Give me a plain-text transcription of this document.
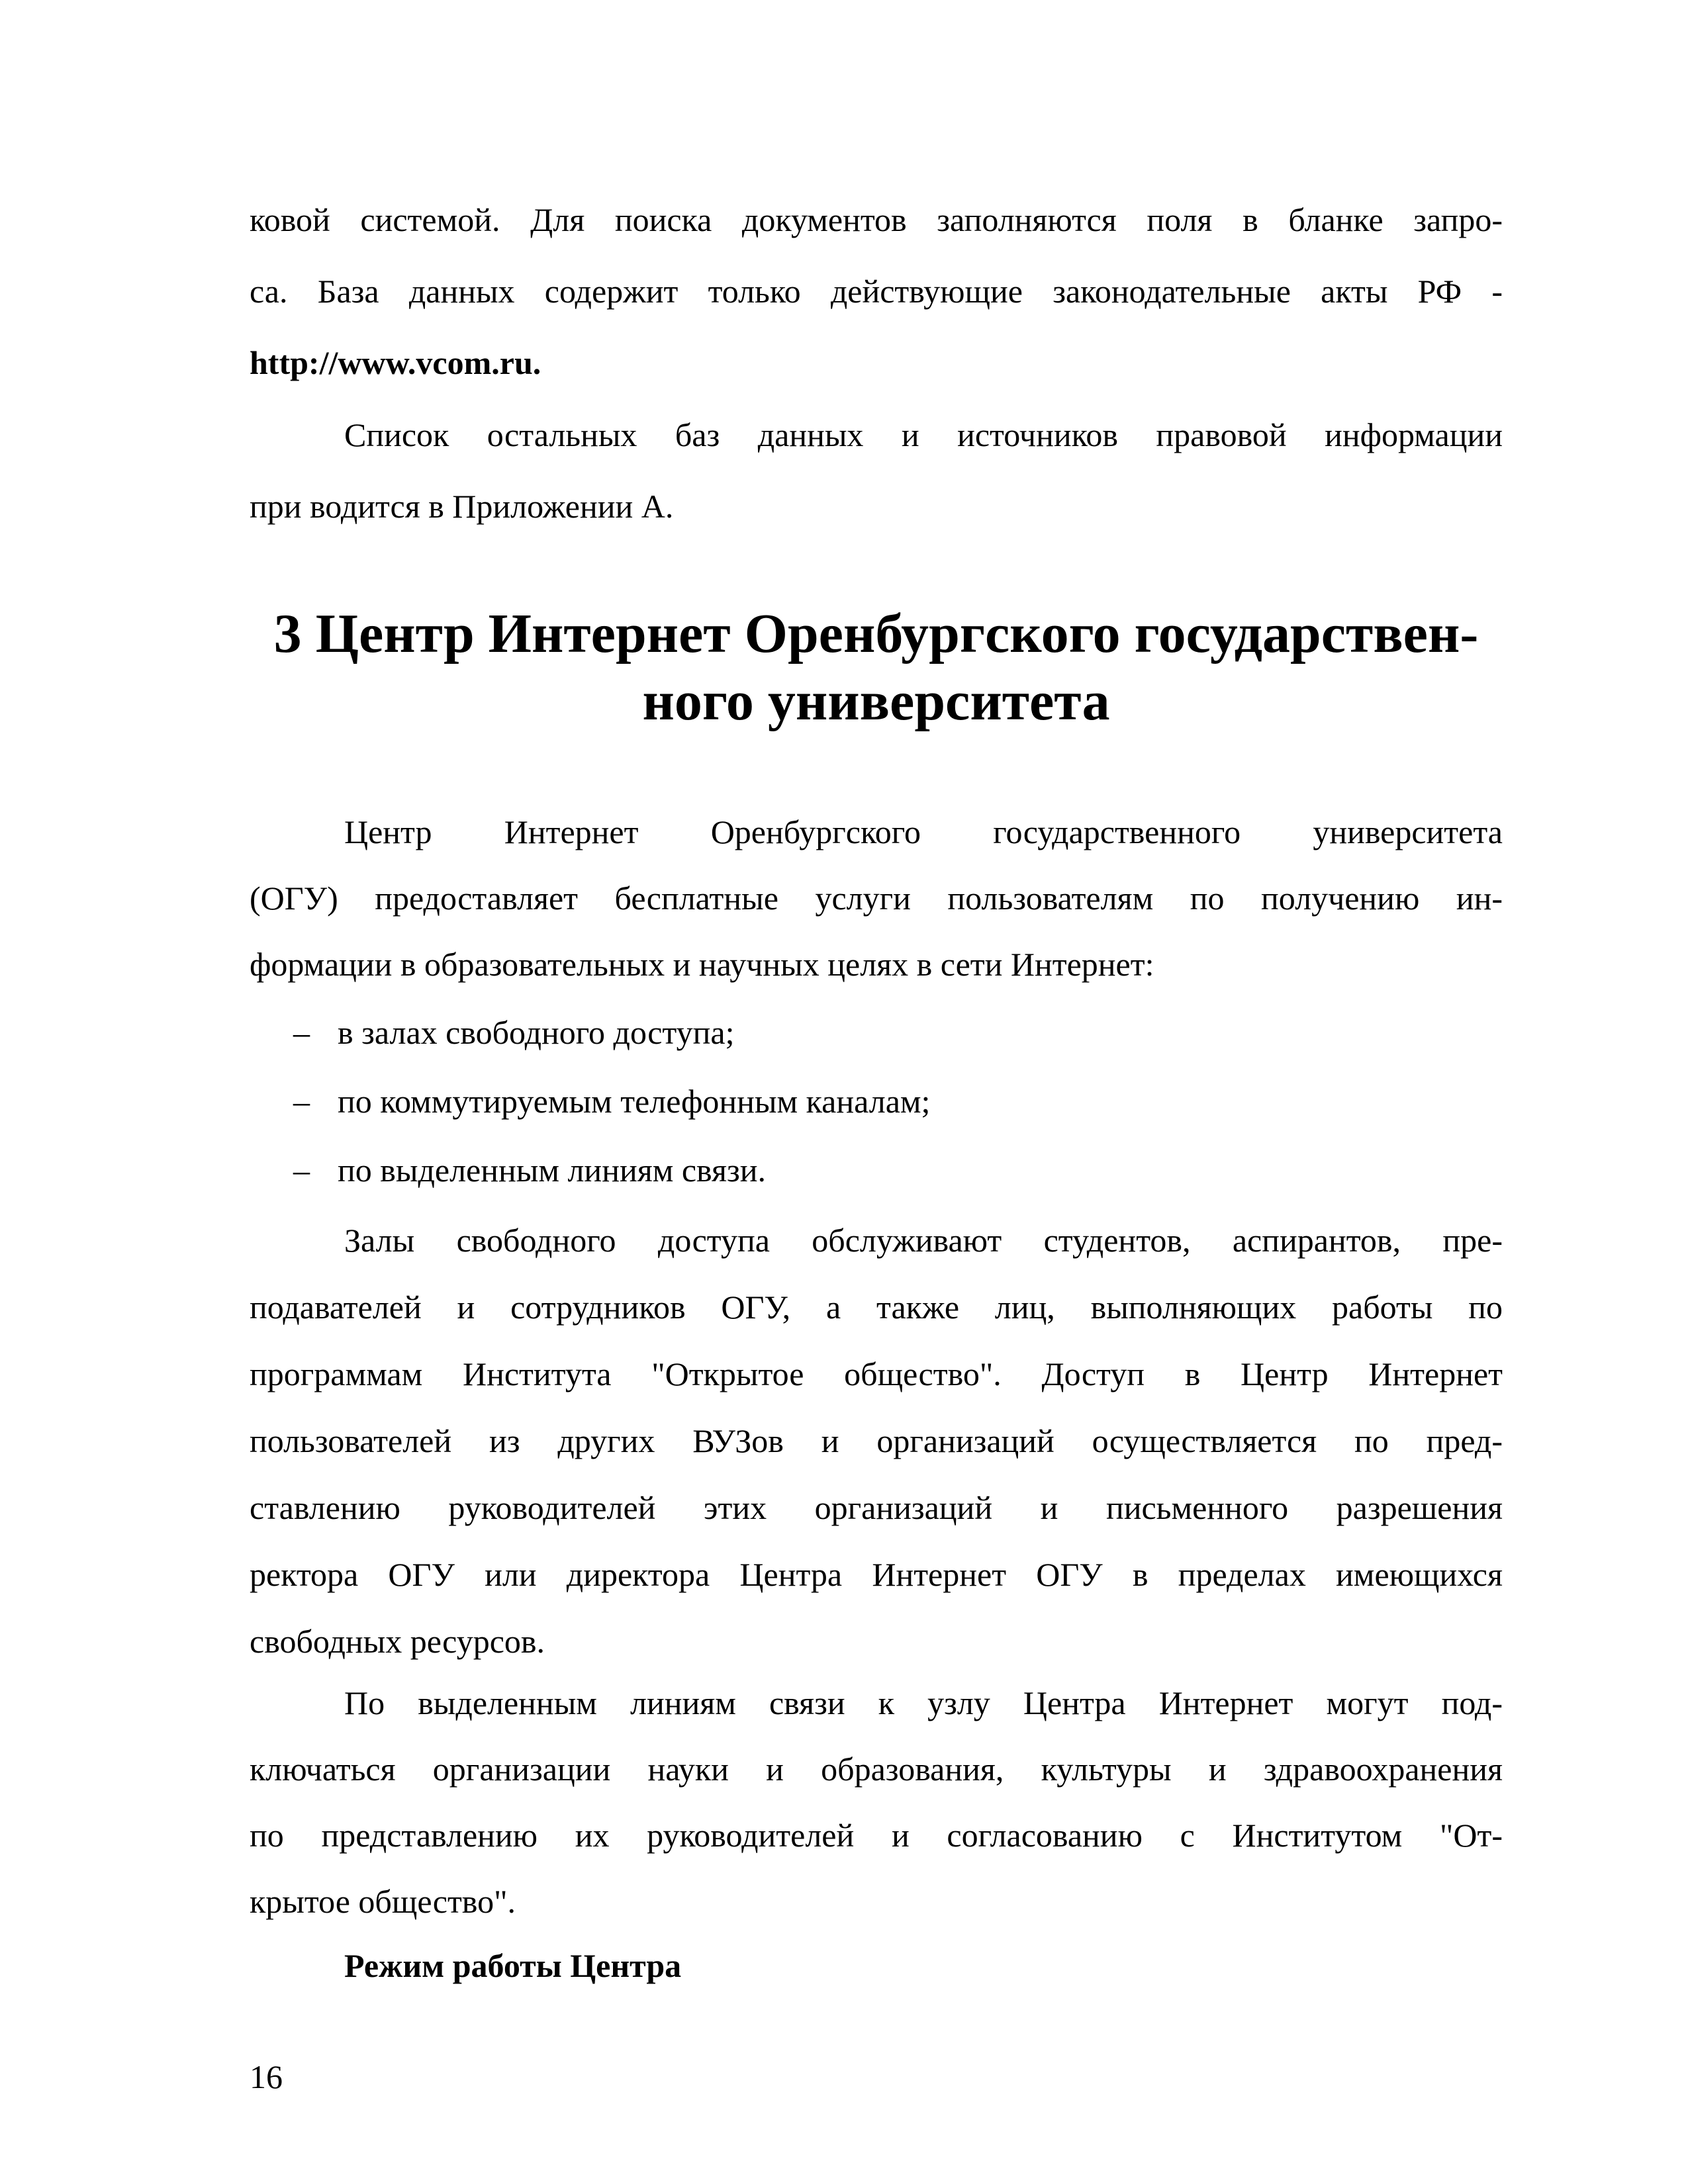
ковой системой. Для поиска документов заполняются поля в бланке запро-
са. База данных содержит только действующие законодательные акты РФ -
http://www.vcom.ru.
Список остальных баз данных и источников правовой информации
при водится в Приложении А.
3 Центр Интернет Оренбургского государствен-
ного университета
Центр Интернет Оренбургского государственного университета
(ОГУ) предоставляет бесплатные услуги пользователям по получению ин-
формации в образовательных и научных целях в сети Интернет:
– в залах свободного доступа;
– по коммутируемым телефонным каналам;
– по выделенным линиям связи.
Залы свободного доступа обслуживают студентов, аспирантов, пре-
подавателей и сотрудников ОГУ, а также лиц, выполняющих работы по
программам Института "Открытое общество". Доступ в Центр Интернет
пользователей из других ВУЗов и организаций осуществляется по пред-
ставлению руководителей этих организаций и письменного разрешения
ректора ОГУ или директора Центра Интернет ОГУ в пределах имеющихся
свободных ресурсов.
По выделенным линиям связи к узлу Центра Интернет могут под-
ключаться организации науки и образования, культуры и здравоохранения
по представлению их руководителей и согласованию с Институтом "От-
крытое общество".
Режим работы Центра
16
